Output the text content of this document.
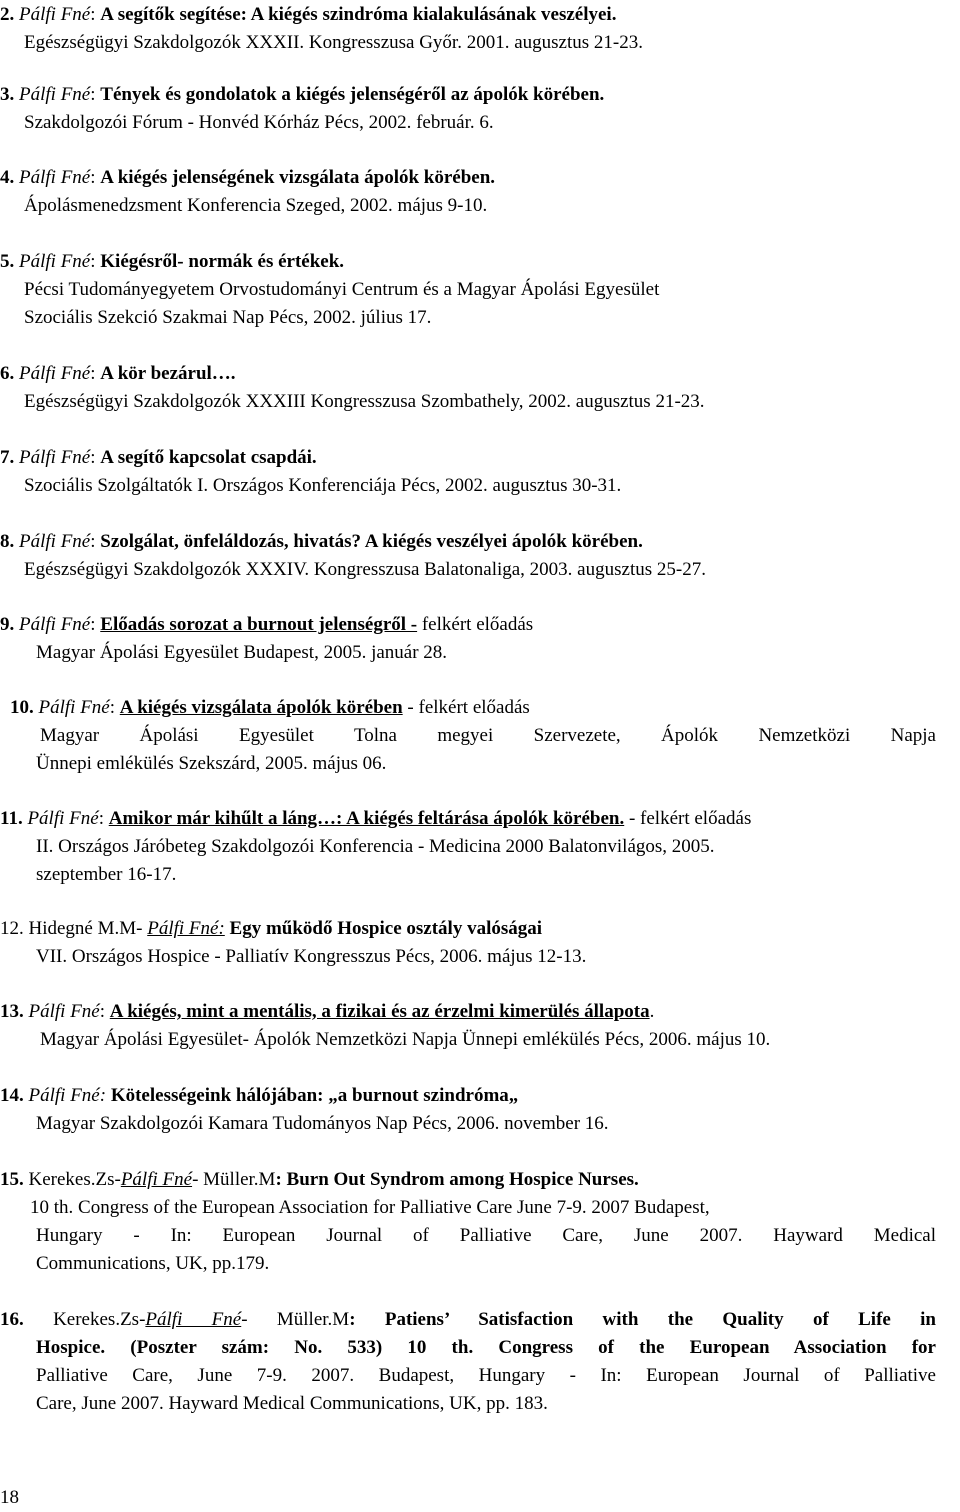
2. Pálfi Fné: A segítők segítése: A kiégés szindróma kialakulásának veszélyei.
Egészségügyi Szakdolgozók XXXII. Kongresszusa Győr. 2001. augusztus 21-23.
3. Pálfi Fné: Tények és gondolatok a kiégés jelenségéről az ápolók körében.
Szakdolgozói Fórum - Honvéd Kórház Pécs, 2002. február. 6.
4. Pálfi Fné: A kiégés jelenségének vizsgálata ápolók körében.
Ápolásmenedzsment Konferencia Szeged, 2002. május 9-10.
5. Pálfi Fné: Kiégésről- normák és értékek.
Pécsi Tudományegyetem Orvostudományi Centrum és a Magyar Ápolási Egyesület
Szociális Szekció Szakmai Nap Pécs, 2002. július 17.
6. Pálfi Fné: A kör bezárul….
Egészségügyi Szakdolgozók XXXIII Kongresszusa Szombathely, 2002. augusztus 21-23.
7. Pálfi Fné: A segítő kapcsolat csapdái.
Szociális Szolgáltatók I. Országos Konferenciája Pécs, 2002. augusztus 30-31.
8. Pálfi Fné: Szolgálat, önfeláldozás, hivatás? A kiégés veszélyei ápolók körében.
Egészségügyi Szakdolgozók XXXIV. Kongresszusa Balatonaliga, 2003. augusztus 25-27.
9. Pálfi Fné: Előadás sorozat a burnout jelenségről - felkért előadás
Magyar Ápolási Egyesület Budapest, 2005. január 28.
10. Pálfi Fné: A kiégés vizsgálata ápolók körében - felkért előadás
Magyar Ápolási Egyesület Tolna megyei Szervezete, Ápolók Nemzetközi Napja
Ünnepi emlékülés Szekszárd, 2005. május 06.
11. Pálfi Fné: Amikor már kihűlt a láng…: A kiégés feltárása ápolók körében. - felkért előadás
II. Országos Járóbeteg Szakdolgozói Konferencia - Medicina 2000 Balatonvilágos, 2005.
szeptember 16-17.
12. Hidegné M.M- Pálfi Fné: Egy működő Hospice osztály valóságai
VII. Országos Hospice - Palliatív Kongresszus Pécs, 2006. május 12-13.
13. Pálfi Fné: A kiégés, mint a mentális, a fizikai és az érzelmi kimerülés állapota.
Magyar Ápolási Egyesület- Ápolók Nemzetközi Napja Ünnepi emlékülés Pécs, 2006. május 10.
14. Pálfi Fné: Kötelességeink hálójában: „a burnout szindróma„
Magyar Szakdolgozói Kamara Tudományos Nap Pécs, 2006. november 16.
15. Kerekes.Zs-Pálfi Fné- Müller.M: Burn Out Syndrom among Hospice Nurses.
10 th. Congress of the European Association for Palliative Care June 7-9. 2007 Budapest,
Hungary - In: European Journal of Palliative Care, June 2007. Hayward Medical
Communications, UK, pp.179.
16. Kerekes.Zs-Pálfi Fné- Müller.M: Patiens’ Satisfaction with the Quality of Life in
Hospice. (Poszter szám: No. 533) 10 th. Congress of the European Association for
Palliative Care, June 7-9. 2007. Budapest, Hungary - In: European Journal of Palliative
Care, June 2007. Hayward Medical Communications, UK, pp. 183.
18
